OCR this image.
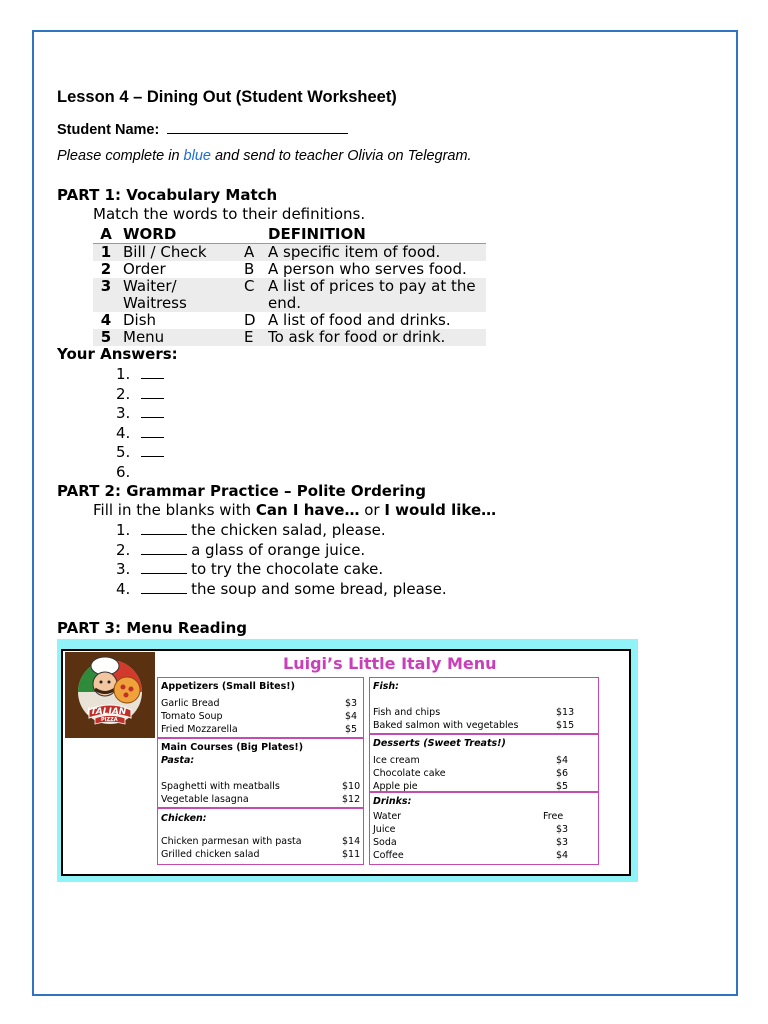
Lesson 4 – Dining Out (Student Worksheet)
Student Name:
Please complete in blue and send to teacher Olivia on Telegram.
PART 1: Vocabulary Match
Match the words to their definitions.
A	WORD		DEFINITION
1	Bill / Check	A	A specific item of food.
2	Order	B	A person who serves food.
3	Waiter/ Waitress	C	A list of prices to pay at the end.
4	Dish	D	A list of food and drinks.
5	Menu	E	To ask for food or drink.
Your Answers:
1.
2.
3.
4.
5.
6.
PART 2: Grammar Practice – Polite Ordering
Fill in the blanks with Can I have… or I would like…
1.	the chicken salad, please.
2.	a glass of orange juice.
3.	to try the chocolate cake.
4.	the soup and some bread, please.
PART 3: Menu Reading
ITALIAN
PIZZA
Luigi’s Little Italy Menu
Appetizers (Small Bites!)
Garlic Bread	$3
Tomato Soup	$4
Fried Mozzarella	$5
Main Courses (Big Plates!)
Pasta:
Spaghetti with meatballs	$10
Vegetable lasagna	$12
Chicken:
Chicken parmesan with pasta	$14
Grilled chicken salad	$11
Fish:
Fish and chips	$13
Baked salmon with vegetables	$15
Desserts (Sweet Treats!)
Ice cream	$4
Chocolate cake	$6
Apple pie	$5
Drinks:
Water	Free
Juice	$3
Soda	$3
Coffee	$4
